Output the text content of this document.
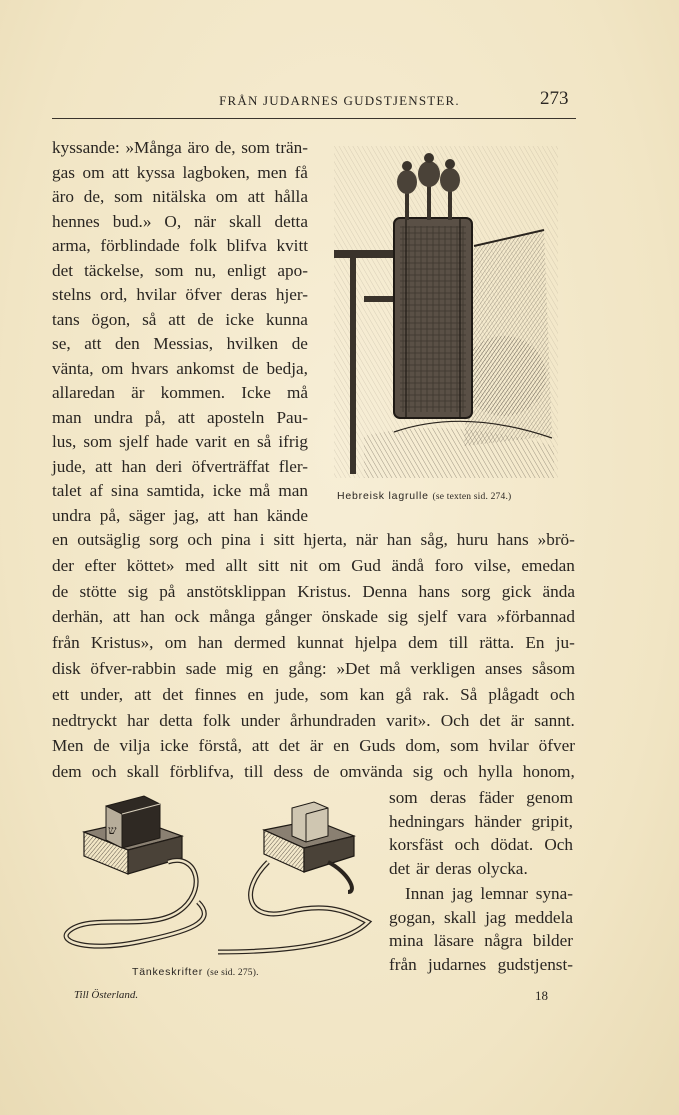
FRÅN JUDARNES GUDSTJENSTER.	273
kyssande: »Många äro de, som trän-
gas om att kyssa lagboken, men få
äro de, som nitälska om att hålla
hennes bud.» O, när skall detta
arma, förblindade folk blifva kvitt
det täckelse, som nu, enligt apo-
stelns ord, hvilar öfver deras hjer-
tans ögon, så att de icke kunna
se, att den Messias, hvilken de
vänta, om hvars ankomst de bedja,
allaredan är kommen. Icke må
man undra på, att aposteln Pau-
lus, som sjelf hade varit en så ifrig
jude, att han deri öfverträffat fler-
talet af sina samtida, icke må man
undra på, säger jag, att han kände
en outsäglig sorg och pina i sitt hjerta, när han såg, huru hans »brö-
der efter köttet» med allt sitt nit om Gud ändå foro vilse, emedan
de stötte sig på anstötsklippan Kristus. Denna hans sorg gick ända
derhän, att han ock många gånger önskade sig sjelf vara »förbannad
från Kristus», om han dermed kunnat hjelpa dem till rätta. En ju-
disk öfver-rabbin sade mig en gång: »Det må verkligen anses såsom
ett under, att det finnes en jude, som kan gå rak. Så plågadt och
nedtryckt har detta folk under århundraden varit». Och det är sannt.
Men de vilja icke förstå, att det är en Guds dom, som hvilar öfver
dem och skall förblifva, till dess de omvända sig och hylla honom,
som deras fäder genom
hedningars händer gripit,
korsfäst och dödat. Och
det är deras olycka.
Innan jag lemnar syna-
gogan, skall jag meddela
mina läsare några bilder
från judarnes gudstjenst-
Hebreisk lagrulle (se texten sid. 274.)
ש
Tänkeskrifter (se sid. 275).
Till Österland.	18
